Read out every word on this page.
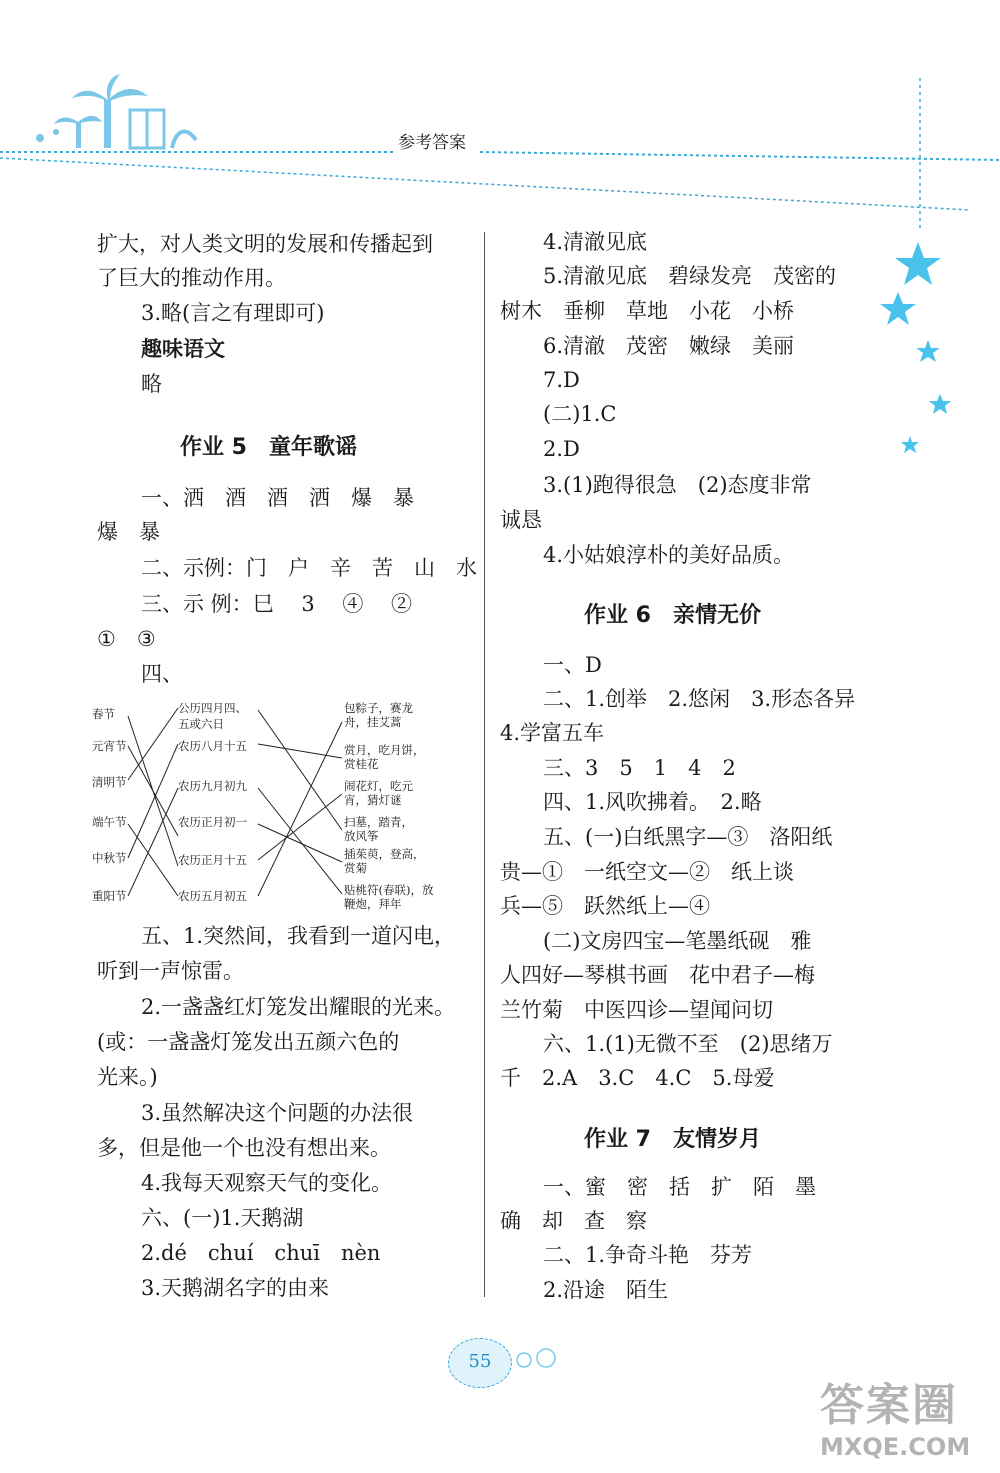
参考答案
扩大，对人类文明的发展和传播起到
了巨大的推动作用。
3.略(言之有理即可)
趣味语文
略
作业 5　童年歌谣
一、洒　酒　酒　洒　爆　暴
爆　暴
二、示例：门　户　辛　苦　山　水
三、示 例：巳　 3　 ④　 ②
①　③
四、
春节
元宵节
清明节
端午节
中秋节
重阳节
公历四月四、
五或六日
农历八月十五
农历九月初九
农历正月初一
农历正月十五
农历五月初五
包粽子，赛龙
舟，挂艾蒿
赏月，吃月饼，
赏桂花
闹花灯，吃元
宵，猜灯谜
扫墓，踏青，
放风筝
插茱萸，登高，
赏菊
贴桃符(春联)，放
鞭炮，拜年
五、1.突然间，我看到一道闪电，
听到一声惊雷。
2.一盏盏红灯笼发出耀眼的光来。
(或：一盏盏灯笼发出五颜六色的
光来。)
3.虽然解决这个问题的办法很
多，但是他一个也没有想出来。
4.我每天观察天气的变化。
六、(一)1.天鹅湖
2.dé　chuí　chuī　nèn
3.天鹅湖名字的由来
4.清澈见底
5.清澈见底　碧绿发亮　茂密的
树木　垂柳　草地　小花　小桥
6.清澈　茂密　嫩绿　美丽
7.D
(二)1.C
2.D
3.(1)跑得很急　(2)态度非常
诚恳
4.小姑娘淳朴的美好品质。
作业 6　亲情无价
一、D
二、1.创举　2.悠闲　3.形态各异
4.学富五车
三、3　5　1　4　2
四、1.风吹拂着。　2.略
五、(一)白纸黑字—③　洛阳纸
贵—①　一纸空文—②　纸上谈
兵—⑤　跃然纸上—④
(二)文房四宝—笔墨纸砚　雅
人四好—琴棋书画　花中君子—梅
兰竹菊　中医四诊—望闻问切
六、1.(1)无微不至　(2)思绪万
千　2.A　3.C　4.C　5.母爱
作业 7　友情岁月
一、蜜　密　括　扩　陌　墨
确　却　查　察
二、1.争奇斗艳　芬芳
2.沿途　陌生
55
答案圈
MXQE.COM
